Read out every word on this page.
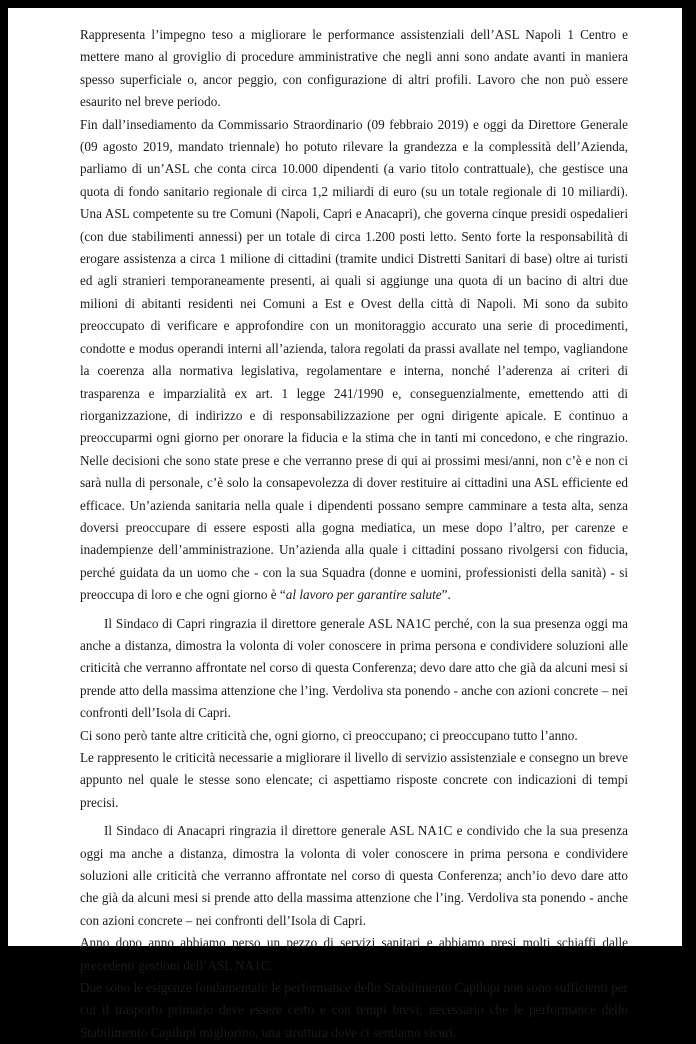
Rappresenta l’impegno teso a migliorare le performance assistenziali dell’ASL Napoli 1 Centro e mettere mano al groviglio di procedure amministrative che negli anni sono andate avanti in maniera spesso superficiale o, ancor peggio, con configurazione di altri profili. Lavoro che non può essere esaurito nel breve periodo.

Fin dall’insediamento da Commissario Straordinario (09 febbraio 2019) e oggi da Direttore Generale (09 agosto 2019, mandato triennale) ho potuto rilevare la grandezza e la complessità dell’Azienda, parliamo di un’ASL che conta circa 10.000 dipendenti (a vario titolo contrattuale), che gestisce una quota di fondo sanitario regionale di circa 1,2 miliardi di euro (su un totale regionale di 10 miliardi). Una ASL competente su tre Comuni (Napoli, Capri e Anacapri), che governa cinque presidi ospedalieri (con due stabilimenti annessi) per un totale di circa 1.200 posti letto. Sento forte la responsabilità di erogare assistenza a circa 1 milione di cittadini (tramite undici Distretti Sanitari di base) oltre ai turisti ed agli stranieri temporaneamente presenti, ai quali si aggiunge una quota di un bacino di altri due milioni di abitanti residenti nei Comuni a Est e Ovest della città di Napoli. Mi sono da subito preoccupato di verificare e approfondire con un monitoraggio accurato una serie di procedimenti, condotte e modus operandi interni all’azienda, talora regolati da prassi avallate nel tempo, vagliandone la coerenza alla normativa legislativa, regolamentare e interna, nonché l’aderenza ai criteri di trasparenza e imparzialità ex art. 1 legge 241/1990 e, conseguenzialmente, emettendo atti di riorganizzazione, di indirizzo e di responsabilizzazione per ogni dirigente apicale. E continuo a preoccuparmi ogni giorno per onorare la fiducia e la stima che in tanti mi concedono, e che ringrazio. Nelle decisioni che sono state prese e che verranno prese di qui ai prossimi mesi/anni, non c’è e non ci sarà nulla di personale, c’è solo la consapevolezza di dover restituire ai cittadini una ASL efficiente ed efficace. Un’azienda sanitaria nella quale i dipendenti possano sempre camminare a testa alta, senza doversi preoccupare di essere esposti alla gogna mediatica, un mese dopo l’altro, per carenze e inadempienze dell’amministrazione. Un’azienda alla quale i cittadini possano rivolgersi con fiducia, perché guidata da un uomo che - con la sua Squadra (donne e uomini, professionisti della sanità) - si preoccupa di loro e che ogni giorno è “al lavoro per garantire salute”.

Il Sindaco di Capri ringrazia il direttore generale ASL NA1C perché, con la sua presenza oggi ma anche a distanza, dimostra la volonta di voler conoscere in prima persona e condividere soluzioni alle criticità che verranno affrontate nel corso di questa Conferenza; devo dare atto che già da alcuni mesi si prende atto della massima attenzione che l’ing. Verdoliva sta ponendo - anche con azioni concrete – nei confronti dell’Isola di Capri.

Ci sono però tante altre criticità che, ogni giorno, ci preoccupano; ci preoccupano tutto l’anno.

Le rappresento le criticità necessarie a migliorare il livello di servizio assistenziale e consegno un breve appunto nel quale le stesse sono elencate; ci aspettiamo risposte concrete con indicazioni di tempi precisi.

Il Sindaco di Anacapri ringrazia il direttore generale ASL NA1C e condivido che la sua presenza oggi ma anche a distanza, dimostra la volonta di voler conoscere in prima persona e condividere soluzioni alle criticità che verranno affrontate nel corso di questa Conferenza; anch’io devo dare atto che già da alcuni mesi si prende atto della massima attenzione che l’ing. Verdoliva sta ponendo - anche con azioni concrete – nei confronti dell’Isola di Capri.

Anno dopo anno abbiamo perso un pezzo di servizi sanitari e abbiamo presi molti schiaffi dalle precedenti gestioni dell’ASL NA1C.

Due sono le esigenze fondamentali: le performance dello Stabilimento Capilupi non sono sufficienti per cui il trasporto primario deve essere certo e con tempi brevi; necessario che le performance dello Stabilimento Capilupi migliorino, una struttura dove ci sentiamo sicuri.
